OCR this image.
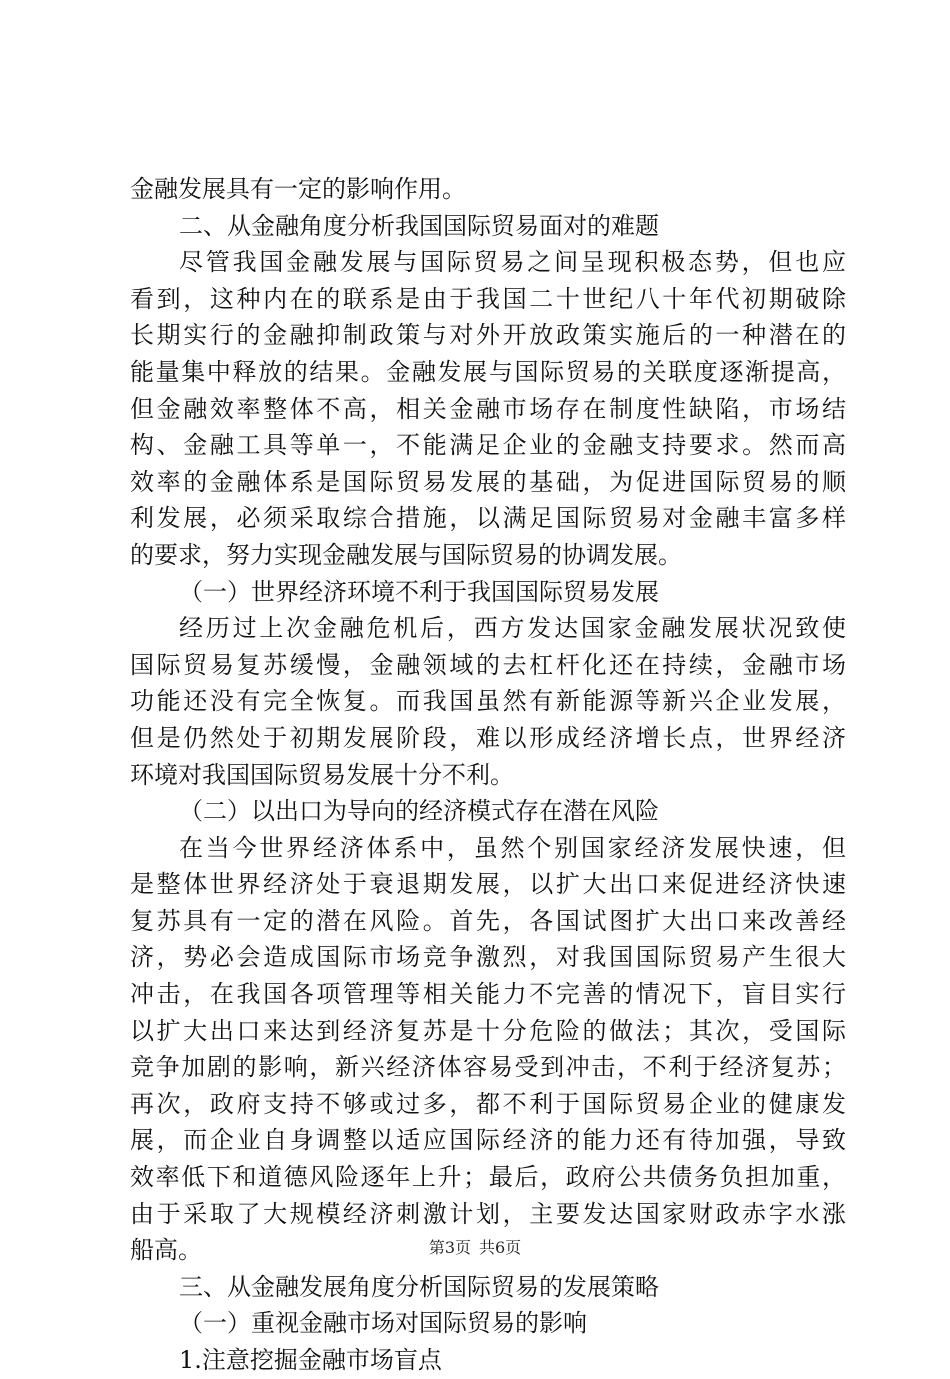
金融发展具有一定的影响作用。
二、从金融角度分析我国国际贸易面对的难题
尽管我国金融发展与国际贸易之间呈现积极态势，但也应
看到，这种内在的联系是由于我国二十世纪八十年代初期破除
长期实行的金融抑制政策与对外开放政策实施后的一种潜在的
能量集中释放的结果。金融发展与国际贸易的关联度逐渐提高，
但金融效率整体不高，相关金融市场存在制度性缺陷，市场结
构、金融工具等单一，不能满足企业的金融支持要求。然而高
效率的金融体系是国际贸易发展的基础，为促进国际贸易的顺
利发展，必须采取综合措施，以满足国际贸易对金融丰富多样
的要求，努力实现金融发展与国际贸易的协调发展。
（一）世界经济环境不利于我国国际贸易发展
经历过上次金融危机后，西方发达国家金融发展状况致使
国际贸易复苏缓慢，金融领域的去杠杆化还在持续，金融市场
功能还没有完全恢复。而我国虽然有新能源等新兴企业发展，
但是仍然处于初期发展阶段，难以形成经济增长点，世界经济
环境对我国国际贸易发展十分不利。
（二）以出口为导向的经济模式存在潜在风险
在当今世界经济体系中，虽然个别国家经济发展快速，但
是整体世界经济处于衰退期发展，以扩大出口来促进经济快速
复苏具有一定的潜在风险。首先，各国试图扩大出口来改善经
济，势必会造成国际市场竞争激烈，对我国国际贸易产生很大
冲击，在我国各项管理等相关能力不完善的情况下，盲目实行
以扩大出口来达到经济复苏是十分危险的做法；其次，受国际
竞争加剧的影响，新兴经济体容易受到冲击，不利于经济复苏；
再次，政府支持不够或过多，都不利于国际贸易企业的健康发
展，而企业自身调整以适应国际经济的能力还有待加强，导致
效率低下和道德风险逐年上升；最后，政府公共债务负担加重，
由于采取了大规模经济刺激计划，主要发达国家财政赤字水涨
船高。
三、从金融发展角度分析国际贸易的发展策略
（一）重视金融市场对国际贸易的影响
1.注意挖掘金融市场盲点
第3页 共6页
